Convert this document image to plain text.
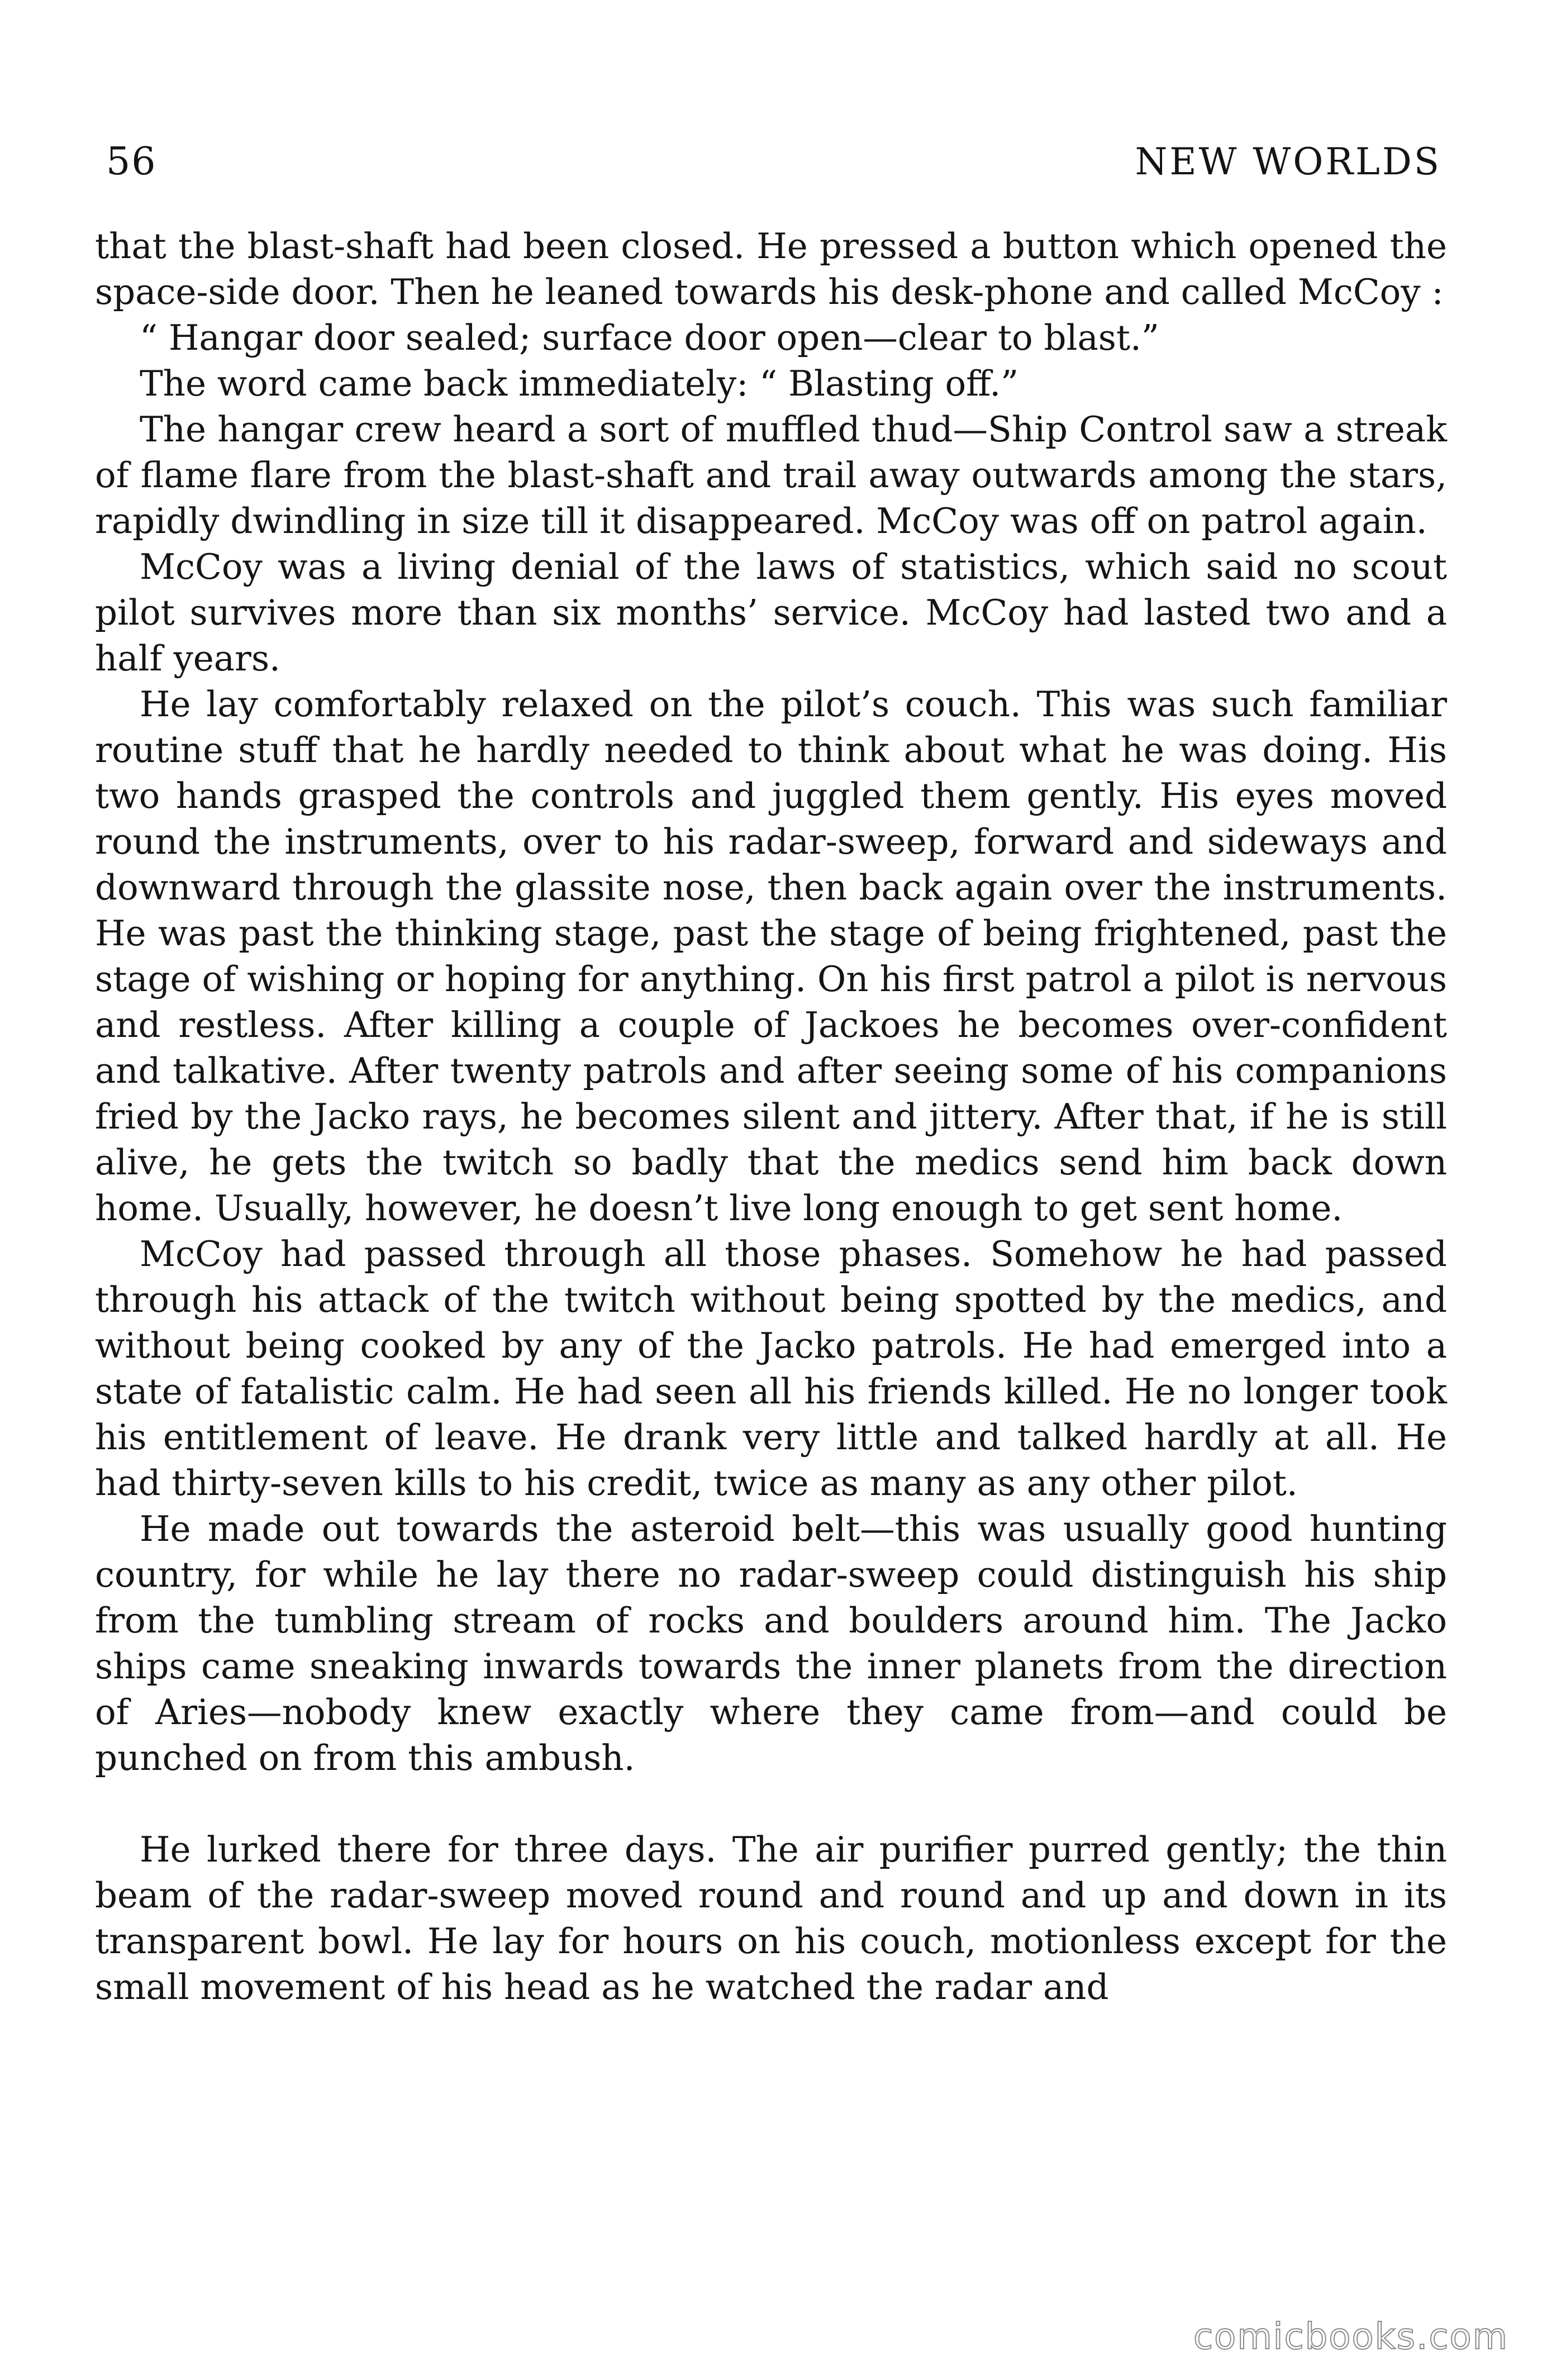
56	NEW WORLDS

that the blast-shaft had been closed. He pressed a button which opened the space-side door. Then he leaned towards his desk-phone and called McCoy :

“ Hangar door sealed; surface door open—clear to blast.”

The word came back immediately: “ Blasting off.”

The hangar crew heard a sort of muffled thud—Ship Control saw a streak of flame flare from the blast-shaft and trail away outwards among the stars, rapidly dwindling in size till it disappeared. McCoy was off on patrol again.

McCoy was a living denial of the laws of statistics, which said no scout pilot survives more than six months’ service. McCoy had lasted two and a half years.

He lay comfortably relaxed on the pilot’s couch. This was such familiar routine stuff that he hardly needed to think about what he was doing. His two hands grasped the controls and juggled them gently. His eyes moved round the instruments, over to his radar-sweep, forward and sideways and downward through the glassite nose, then back again over the instruments. He was past the thinking stage, past the stage of being frightened, past the stage of wishing or hoping for anything. On his first patrol a pilot is nervous and restless. After killing a couple of Jackoes he becomes over-confident and talkative. After twenty patrols and after seeing some of his companions fried by the Jacko rays, he becomes silent and jittery. After that, if he is still alive, he gets the twitch so badly that the medics send him back down home. Usually, however, he doesn’t live long enough to get sent home.

McCoy had passed through all those phases. Somehow he had passed through his attack of the twitch without being spotted by the medics, and without being cooked by any of the Jacko patrols. He had emerged into a state of fatalistic calm. He had seen all his friends killed. He no longer took his entitlement of leave. He drank very little and talked hardly at all. He had thirty-seven kills to his credit, twice as many as any other pilot.

He made out towards the asteroid belt—this was usually good hunting country, for while he lay there no radar-sweep could distinguish his ship from the tumbling stream of rocks and boulders around him. The Jacko ships came sneaking inwards towards the inner planets from the direction of Aries—nobody knew exactly where they came from—and could be punched on from this ambush.

He lurked there for three days. The air purifier purred gently; the thin beam of the radar-sweep moved round and round and up and down in its transparent bowl. He lay for hours on his couch, motionless except for the small movement of his head as he watched the radar and

comicbooks.com
